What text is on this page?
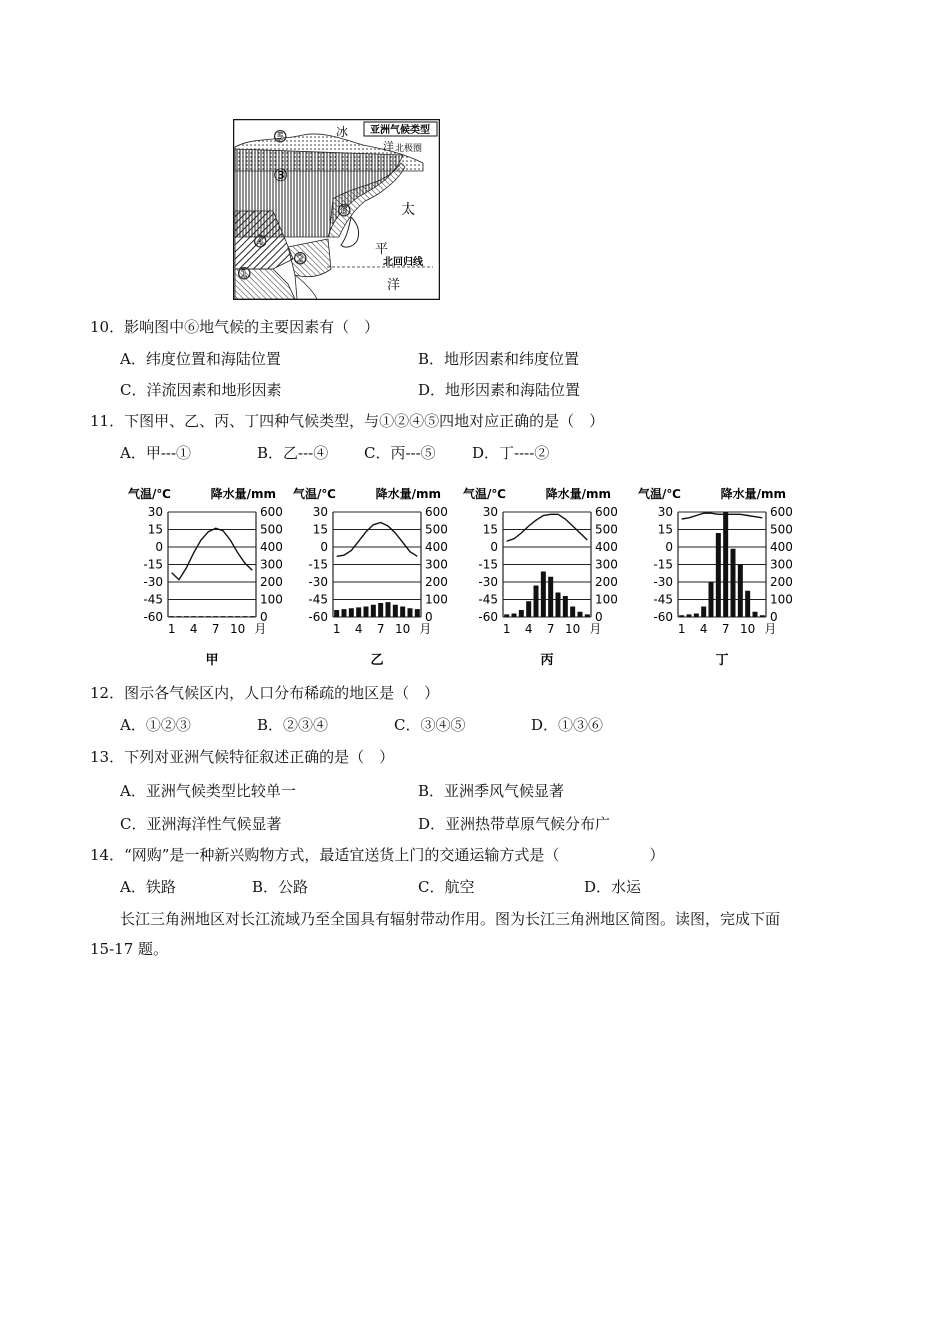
亚洲气候类型
冰
洋 北极圈
太
平
北回归线
洋
⑤
③
⑥
④
②
①
10．影响图中⑥地气候的主要因素有（　）
A．纬度位置和海陆位置	B．地形因素和纬度位置
C．洋流因素和地形因素	D．地形因素和海陆位置
11．下图甲、乙、丙、丁四种气候类型，与①②④⑤四地对应正确的是（　）
A．甲---①	B．乙---④ C．丙---⑤ D．丁----②
气温/℃	降水量/mm
30
15
0
-15
-30
-45
-60
600
500
400
300
200
100
0
1 4 7 10 月
甲
气温/℃	降水量/mm
30
15
0
-15
-30
-45
-60
600
500
400
300
200
100
0
1 4 7 10 月
乙
气温/℃	降水量/mm
30
15
0
-15
-30
-45
-60
600
500
400
300
200
100
0
1 4 7 10 月
丙
气温/℃	降水量/mm
30
15
0
-15
-30
-45
-60
600
500
400
300
200
100
0
1 4 7 10 月
丁
12．图示各气候区内，人口分布稀疏的地区是（　）
A．①②③	B．②③④	C．③④⑤	D．①③⑥
13．下列对亚洲气候特征叙述正确的是（　）
A．亚洲气候类型比较单一	B．亚洲季风气候显著
C．亚洲海洋性气候显著	D．亚洲热带草原气候分布广
14．“网购”是一种新兴购物方式，最适宜送货上门的交通运输方式是（　　　　　　）
A．铁路	B．公路	C．航空	D．水运
长江三角洲地区对长江流域乃至全国具有辐射带动作用。图为长江三角洲地区简图。读图，完成下面
15-17 题。
